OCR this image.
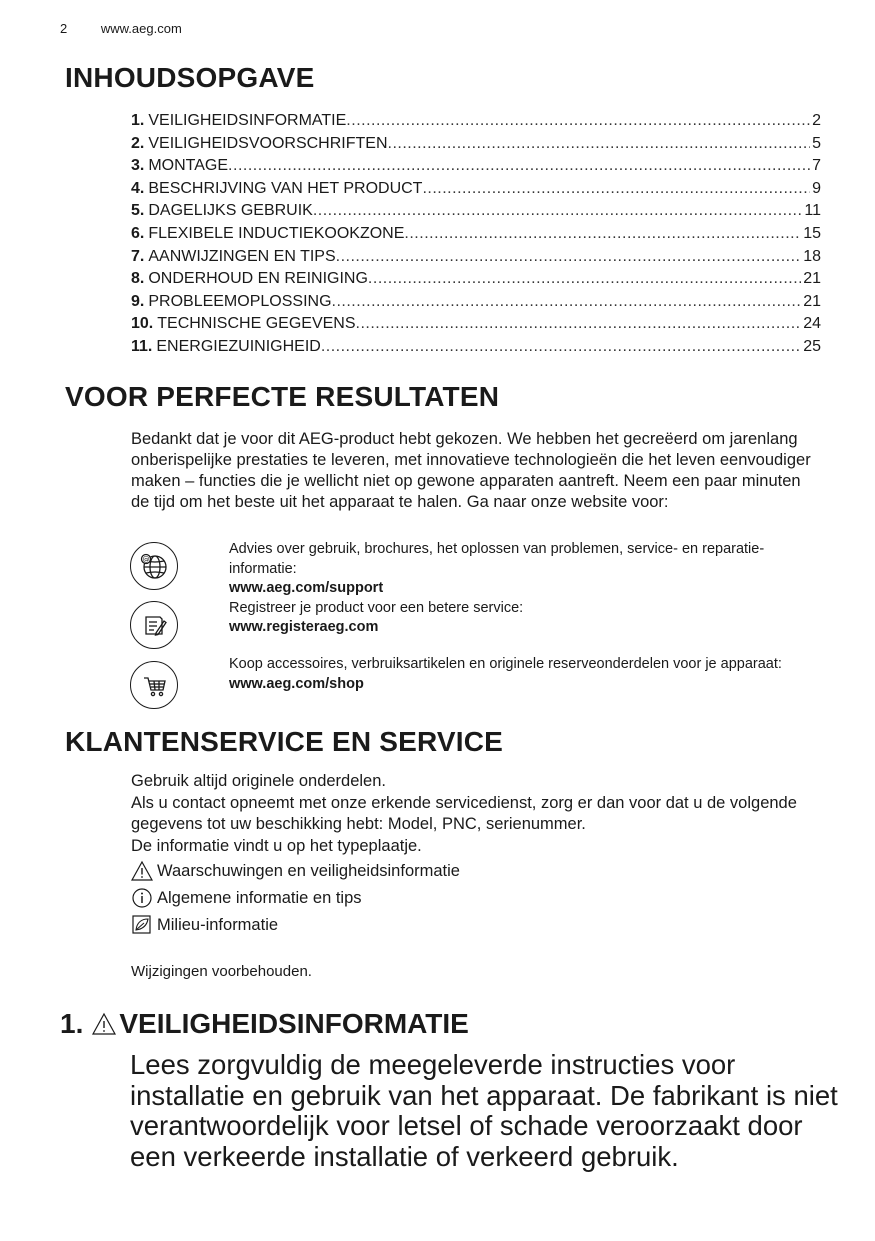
2	www.aeg.com
INHOUDSOPGAVE
1. VEILIGHEIDSINFORMATIE .....	2
2. VEILIGHEIDSVOORSCHRIFTEN .....	5
3. MONTAGE .....	7
4. BESCHRIJVING VAN HET PRODUCT .....	9
5. DAGELIJKS GEBRUIK .....	11
6. FLEXIBELE INDUCTIEKOOKZONE .....	15
7. AANWIJZINGEN EN TIPS .....	18
8. ONDERHOUD EN REINIGING .....	21
9. PROBLEEMOPLOSSING .....	21
10. TECHNISCHE GEGEVENS .....	24
11. ENERGIEZUINIGHEID .....	25
VOOR PERFECTE RESULTATEN
Bedankt dat je voor dit AEG-product hebt gekozen. We hebben het gecreëerd om jarenlang onberispelijke prestaties te leveren, met innovatieve technologieën die het leven eenvoudiger maken – functies die je wellicht niet op gewone apparaten aantreft. Neem een paar minuten de tijd om het beste uit het apparaat te halen. Ga naar onze website voor:
@
Advies over gebruik, brochures, het oplossen van problemen, service- en reparatie-informatie:
www.aeg.com/support
Registreer je product voor een betere service:
www.registeraeg.com
Koop accessoires, verbruiksartikelen en originele reserveonderdelen voor je apparaat:
www.aeg.com/shop
KLANTENSERVICE EN SERVICE
Gebruik altijd originele onderdelen.
Als u contact opneemt met onze erkende servicedienst, zorg er dan voor dat u de volgende gegevens tot uw beschikking hebt: Model, PNC, serienummer.
De informatie vindt u op het typeplaatje.
Waarschuwingen en veiligheidsinformatie
Algemene informatie en tips
Milieu-informatie
Wijzigingen voorbehouden.
1. VEILIGHEIDSINFORMATIE
Lees zorgvuldig de meegeleverde instructies voor installatie en gebruik van het apparaat. De fabrikant is niet verantwoordelijk voor letsel of schade veroorzaakt door een verkeerde installatie of verkeerd gebruik.
